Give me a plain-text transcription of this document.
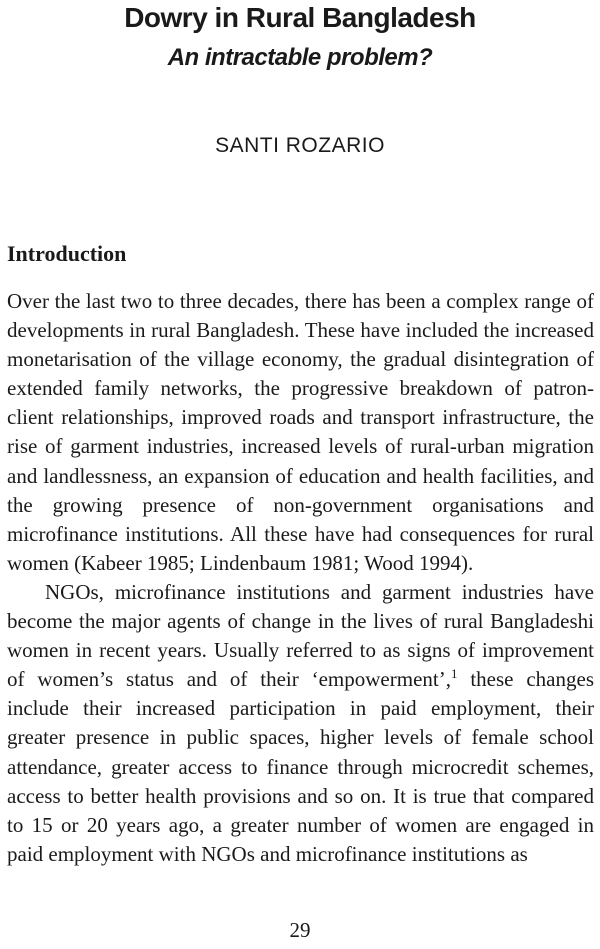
Dowry in Rural Bangladesh
An intractable problem?
SANTI ROZARIO
Introduction

Over the last two to three decades, there has been a complex range of developments in rural Bangladesh. These have included the increased monetarisation of the village economy, the gradual disintegration of extended family networks, the progressive breakdown of patron-client relationships, improved roads and transport infrastructure, the rise of garment industries, increased levels of rural-urban migration and landlessness, an expansion of education and health facilities, and the growing presence of non-government organisations and microfinance institutions. All these have had consequences for rural women (Kabeer 1985; Lindenbaum 1981; Wood 1994).

NGOs, microfinance institutions and garment industries have become the major agents of change in the lives of rural Bangladeshi women in recent years. Usually referred to as signs of improvement of women’s status and of their ‘empowerment’,$^1$ these changes include their increased participation in paid employment, their greater presence in public spaces, higher levels of female school attendance, greater access to finance through microcredit schemes, access to better health provisions and so on. It is true that compared to 15 or 20 years ago, a greater number of women are engaged in paid employment with NGOs and microfinance institutions as

29
